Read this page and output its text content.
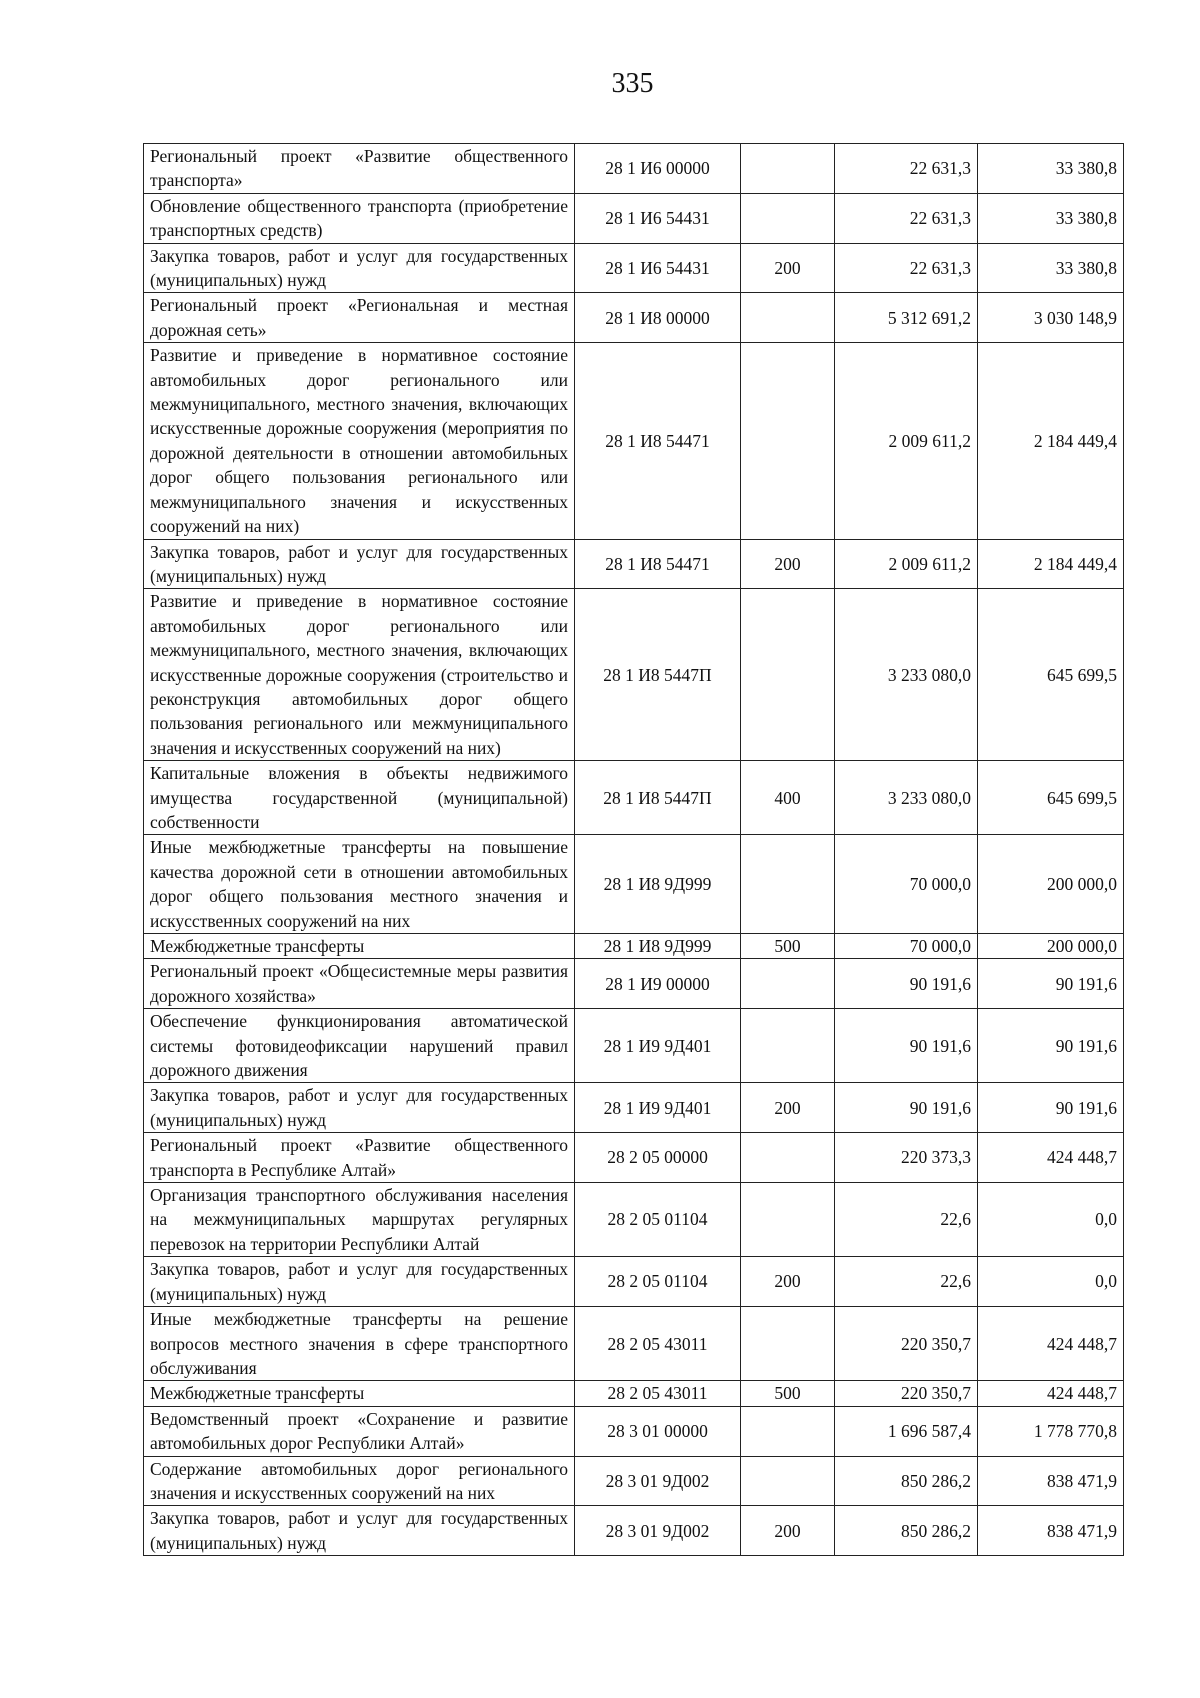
335
Региональный проект «Развитие общественного транспорта»	28 1 И6 00000		22 631,3	33 380,8
Обновление общественного транспорта (приобретение транспортных средств)	28 1 И6 54431		22 631,3	33 380,8
Закупка товаров, работ и услуг для государственных (муниципальных) нужд	28 1 И6 54431	200	22 631,3	33 380,8
Региональный проект «Региональная и местная дорожная сеть»	28 1 И8 00000		5 312 691,2	3 030 148,9
Развитие и приведение в нормативное состояние автомобильных дорог регионального или межмуниципального, местного значения, включающих искусственные дорожные сооружения (мероприятия по дорожной деятельности в отношении автомобильных дорог общего пользования регионального или межмуниципального значения и искусственных сооружений на них)	28 1 И8 54471		2 009 611,2	2 184 449,4
Закупка товаров, работ и услуг для государственных (муниципальных) нужд	28 1 И8 54471	200	2 009 611,2	2 184 449,4
Развитие и приведение в нормативное состояние автомобильных дорог регионального или межмуниципального, местного значения, включающих искусственные дорожные сооружения (строительство и реконструкция автомобильных дорог общего пользования регионального или межмуниципального значения и искусственных сооружений на них)	28 1 И8 5447П		3 233 080,0	645 699,5
Капитальные вложения в объекты недвижимого имущества государственной (муниципальной) собственности	28 1 И8 5447П	400	3 233 080,0	645 699,5
Иные межбюджетные трансферты на повышение качества дорожной сети в отношении автомобильных дорог общего пользования местного значения и искусственных сооружений на них	28 1 И8 9Д999		70 000,0	200 000,0
Межбюджетные трансферты	28 1 И8 9Д999	500	70 000,0	200 000,0
Региональный проект «Общесистемные меры развития дорожного хозяйства»	28 1 И9 00000		90 191,6	90 191,6
Обеспечение функционирования автоматической системы фотовидеофиксации нарушений правил дорожного движения	28 1 И9 9Д401		90 191,6	90 191,6
Закупка товаров, работ и услуг для государственных (муниципальных) нужд	28 1 И9 9Д401	200	90 191,6	90 191,6
Региональный проект «Развитие общественного транспорта в Республике Алтай»	28 2 05 00000		220 373,3	424 448,7
Организация транспортного обслуживания населения на межмуниципальных маршрутах регулярных перевозок на территории Республики Алтай	28 2 05 01104		22,6	0,0
Закупка товаров, работ и услуг для государственных (муниципальных) нужд	28 2 05 01104	200	22,6	0,0
Иные межбюджетные трансферты на решение вопросов местного значения в сфере транспортного обслуживания	28 2 05 43011		220 350,7	424 448,7
Межбюджетные трансферты	28 2 05 43011	500	220 350,7	424 448,7
Ведомственный проект «Сохранение и развитие автомобильных дорог Республики Алтай»	28 3 01 00000		1 696 587,4	1 778 770,8
Содержание автомобильных дорог регионального значения и искусственных сооружений на них	28 3 01 9Д002		850 286,2	838 471,9
Закупка товаров, работ и услуг для государственных (муниципальных) нужд	28 3 01 9Д002	200	850 286,2	838 471,9
